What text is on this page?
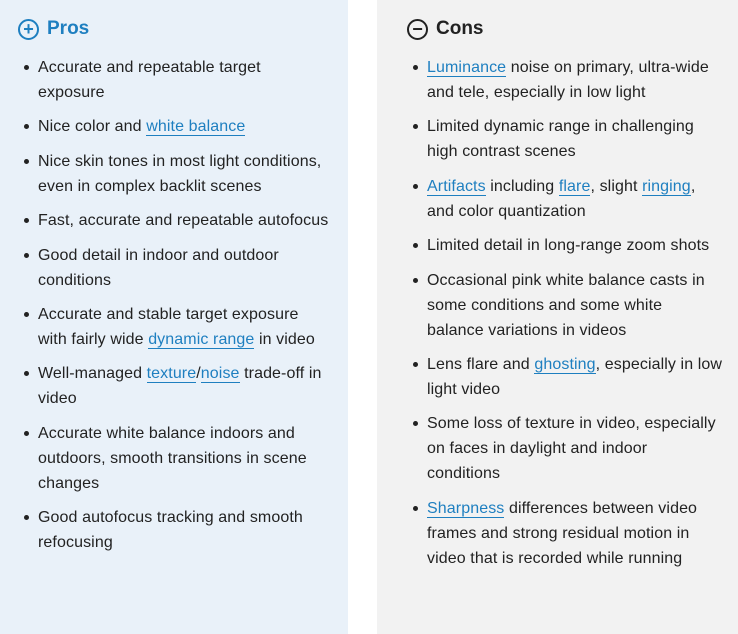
+ Pros
Accurate and repeatable target exposure
Nice color and white balance
Nice skin tones in most light conditions, even in complex backlit scenes
Fast, accurate and repeatable autofocus
Good detail in indoor and outdoor conditions
Accurate and stable target exposure with fairly wide dynamic range in video
Well-managed texture/noise trade-off in video
Accurate white balance indoors and outdoors, smooth transitions in scene changes
Good autofocus tracking and smooth refocusing
− Cons
Luminance noise on primary, ultra-wide and tele, especially in low light
Limited dynamic range in challenging high contrast scenes
Artifacts including flare, slight ringing, and color quantization
Limited detail in long-range zoom shots
Occasional pink white balance casts in some conditions and some white balance variations in videos
Lens flare and ghosting, especially in low light video
Some loss of texture in video, especially on faces in daylight and indoor conditions
Sharpness differences between video frames and strong residual motion in video that is recorded while running
